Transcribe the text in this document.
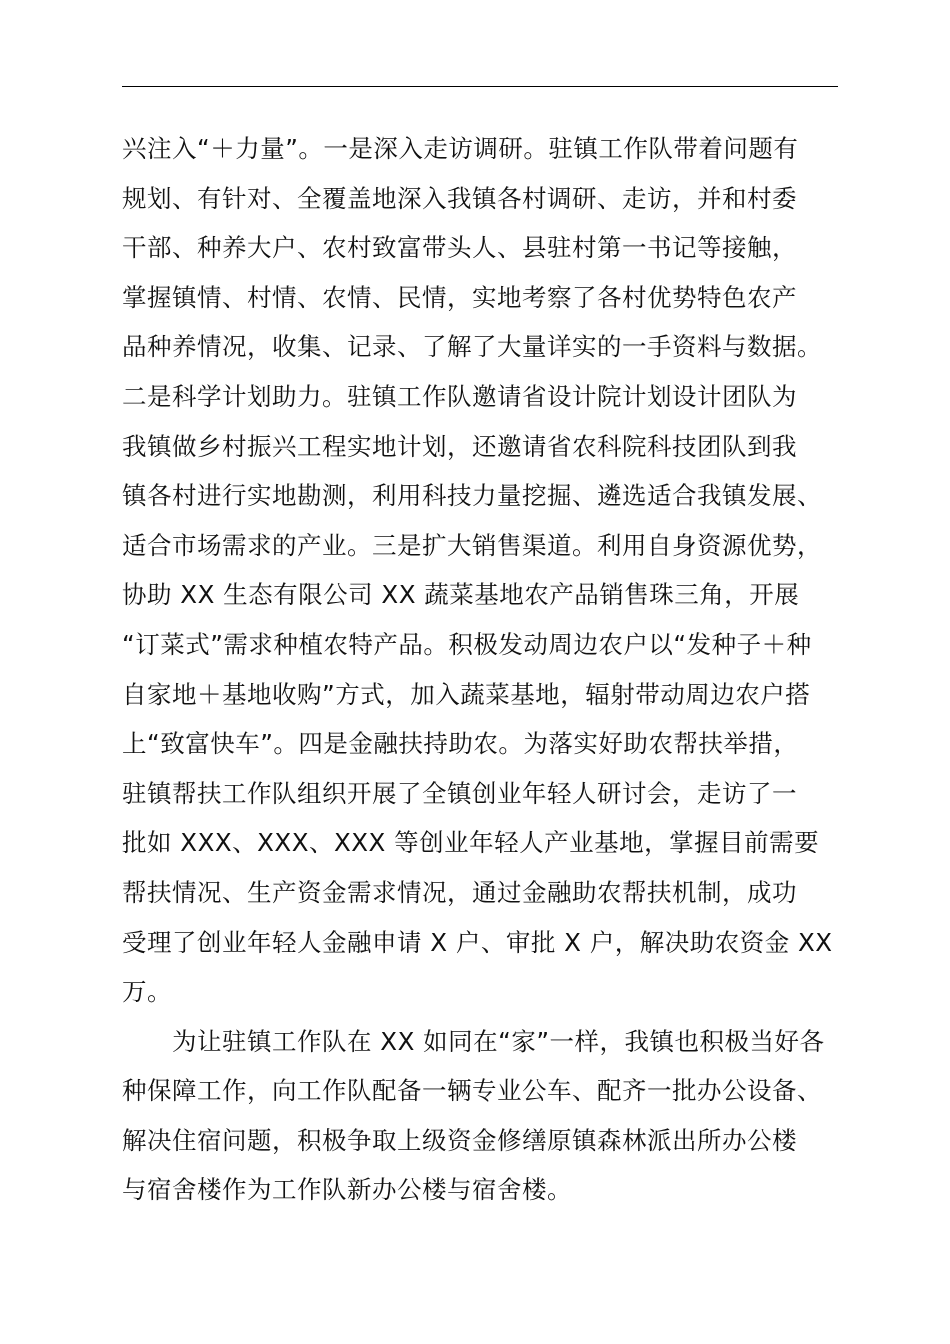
兴注入“＋力量”。一是深入走访调研。驻镇工作队带着问题有
规划、有针对、全覆盖地深入我镇各村调研、走访，并和村委
干部、种养大户、农村致富带头人、县驻村第一书记等接触，
掌握镇情、村情、农情、民情，实地考察了各村优势特色农产
品种养情况，收集、记录、了解了大量详实的一手资料与数据。
二是科学计划助力。驻镇工作队邀请省设计院计划设计团队为
我镇做乡村振兴工程实地计划，还邀请省农科院科技团队到我
镇各村进行实地勘测，利用科技力量挖掘、遴选适合我镇发展、
适合市场需求的产业。三是扩大销售渠道。利用自身资源优势，
协助 XX 生态有限公司 XX 蔬菜基地农产品销售珠三角，开展
“订菜式”需求种植农特产品。积极发动周边农户以“发种子＋种
自家地＋基地收购”方式，加入蔬菜基地，辐射带动周边农户搭
上“致富快车”。四是金融扶持助农。为落实好助农帮扶举措，
驻镇帮扶工作队组织开展了全镇创业年轻人研讨会，走访了一
批如 XXX、XXX、XXX 等创业年轻人产业基地，掌握目前需要
帮扶情况、生产资金需求情况，通过金融助农帮扶机制，成功
受理了创业年轻人金融申请 X 户、审批 X 户，解决助农资金 XX
万。
　　为让驻镇工作队在 XX 如同在“家”一样，我镇也积极当好各
种保障工作，向工作队配备一辆专业公车、配齐一批办公设备、
解决住宿问题，积极争取上级资金修缮原镇森林派出所办公楼
与宿舍楼作为工作队新办公楼与宿舍楼。
